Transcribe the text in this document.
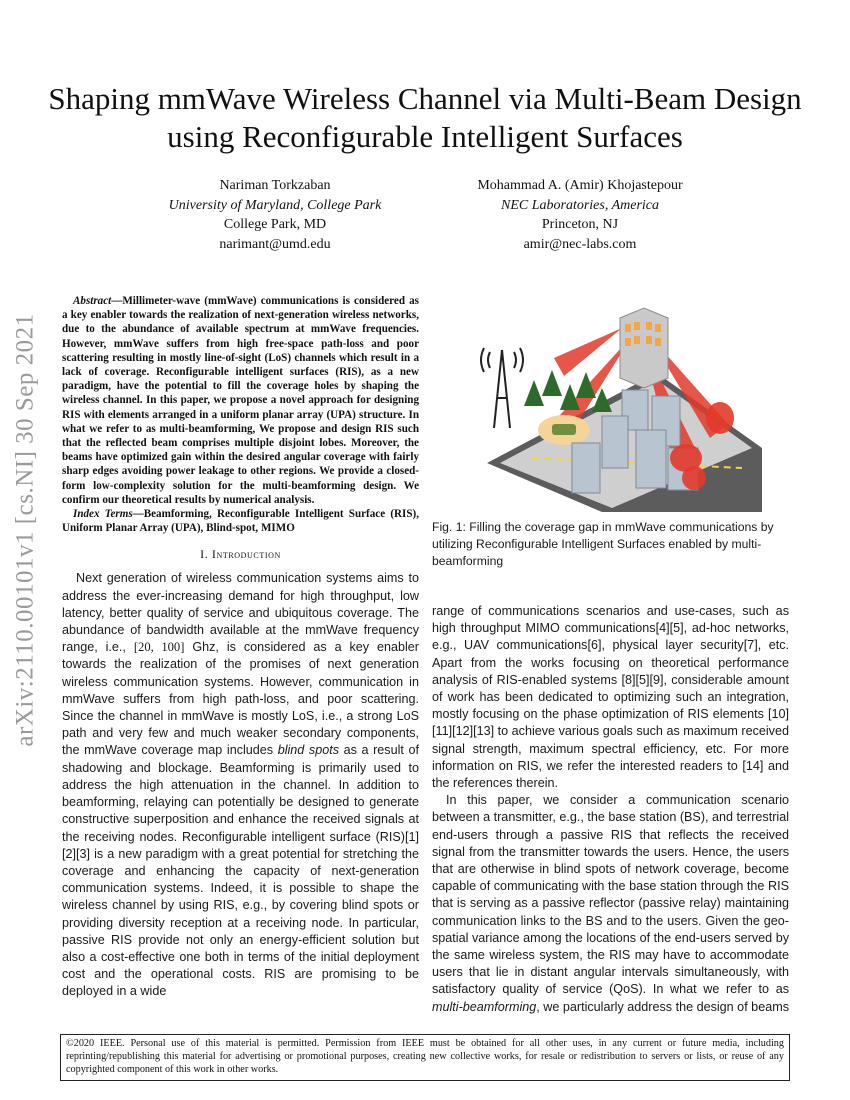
arXiv:2110.00101v1 [cs.NI] 30 Sep 2021
Shaping mmWave Wireless Channel via Multi-Beam Design using Reconfigurable Intelligent Surfaces
Nariman Torkzaban
University of Maryland, College Park
College Park, MD
narimant@umd.edu
Mohammad A. (Amir) Khojastepour
NEC Laboratories, America
Princeton, NJ
amir@nec-labs.com

Abstract—Millimeter-wave (mmWave) communications is considered as a key enabler towards the realization of next-generation wireless networks, due to the abundance of available spectrum at mmWave frequencies. However, mmWave suffers from high free-space path-loss and poor scattering resulting in mostly line-of-sight (LoS) channels which result in a lack of coverage. Reconfigurable intelligent surfaces (RIS), as a new paradigm, have the potential to fill the coverage holes by shaping the wireless channel. In this paper, we propose a novel approach for designing RIS with elements arranged in a uniform planar array (UPA) structure. In what we refer to as multi-beamforming, We propose and design RIS such that the reflected beam comprises multiple disjoint lobes. Moreover, the beams have optimized gain within the desired angular coverage with fairly sharp edges avoiding power leakage to other regions. We provide a closed-form low-complexity solution for the multi-beamforming design. We confirm our theoretical results by numerical analysis.

Index Terms—Beamforming, Reconfigurable Intelligent Surface (RIS), Uniform Planar Array (UPA), Blind-spot, MIMO

I. Introduction

Next generation of wireless communication systems aims to address the ever-increasing demand for high throughput, low latency, better quality of service and ubiquitous coverage. The abundance of bandwidth available at the mmWave frequency range, i.e., [20, 100] Ghz, is considered as a key enabler towards the realization of the promises of next generation wireless communication systems. However, communication in mmWave suffers from high path-loss, and poor scattering. Since the channel in mmWave is mostly LoS, i.e., a strong LoS path and very few and much weaker secondary components, the mmWave coverage map includes blind spots as a result of shadowing and blockage. Beamforming is primarily used to address the high attenuation in the channel. In addition to beamforming, relaying can potentially be designed to generate constructive superposition and enhance the received signals at the receiving nodes. Reconfigurable intelligent surface (RIS)[1][2][3] is a new paradigm with a great potential for stretching the coverage and enhancing the capacity of next-generation communication systems. Indeed, it is possible to shape the wireless channel by using RIS, e.g., by covering blind spots or providing diversity reception at a receiving node. In particular, passive RIS provide not only an energy-efficient solution but also a cost-effective one both in terms of the initial deployment cost and the operational costs. RIS are promising to be deployed in a wide

Fig. 1: Filling the coverage gap in mmWave communications by utilizing Reconfigurable Intelligent Surfaces enabled by multi-beamforming

range of communications scenarios and use-cases, such as high throughput MIMO communications[4][5], ad-hoc networks, e.g., UAV communications[6], physical layer security[7], etc. Apart from the works focusing on theoretical performance analysis of RIS-enabled systems [8][5][9], considerable amount of work has been dedicated to optimizing such an integration, mostly focusing on the phase optimization of RIS elements [10][11][12][13] to achieve various goals such as maximum received signal strength, maximum spectral efficiency, etc. For more information on RIS, we refer the interested readers to [14] and the references therein.

In this paper, we consider a communication scenario between a transmitter, e.g., the base station (BS), and terrestrial end-users through a passive RIS that reflects the received signal from the transmitter towards the users. Hence, the users that are otherwise in blind spots of network coverage, become capable of communicating with the base station through the RIS that is serving as a passive reflector (passive relay) maintaining communication links to the BS and to the users. Given the geo-spatial variance among the locations of the end-users served by the same wireless system, the RIS may have to accommodate users that lie in distant angular intervals simultaneously, with satisfactory quality of service (QoS). In what we refer to as multi-beamforming, we particularly address the design of beams

©2020 IEEE. Personal use of this material is permitted. Permission from IEEE must be obtained for all other uses, in any current or future media, including reprinting/republishing this material for advertising or promotional purposes, creating new collective works, for resale or redistribution to servers or lists, or reuse of any copyrighted component of this work in other works.
